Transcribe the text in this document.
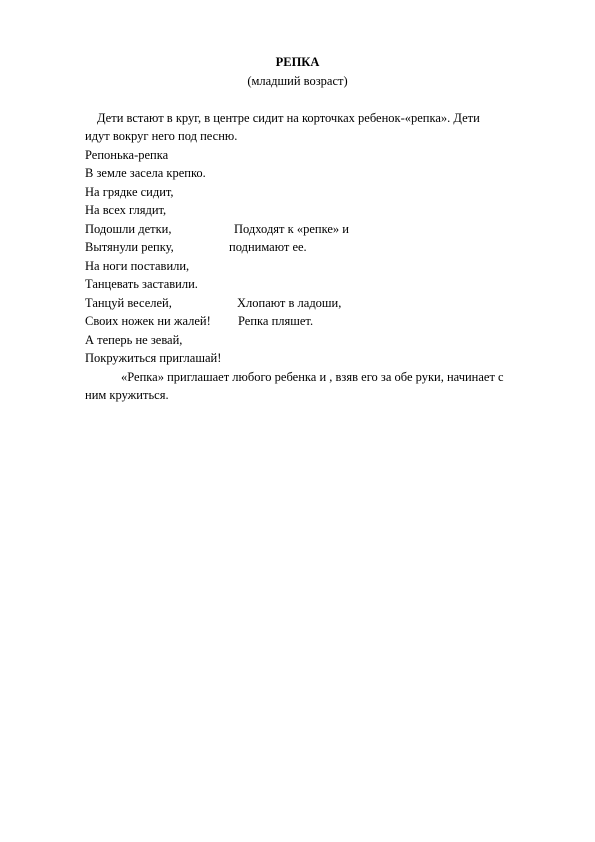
РЕПКА
(младший возраст)
Дети встают в круг, в центре сидит на корточках ребенок-«репка». Дети
идут вокруг него под песню.
Репонька-репка
В земле засела крепко.
На грядке сидит,
На всех глядит,
Подошли детки,
Вытянули репку,
На ноги поставили,
Танцевать заставили.
Танцуй веселей,
Своих ножек ни жалей!
А теперь не зевай,
Покружиться приглашай!
Подходят к «репке» и
поднимают ее.
Хлопают в ладоши,
Репка пляшет.
«Репка» приглашает любого ребенка и , взяв его за обе руки, начинает с
ним кружиться.
